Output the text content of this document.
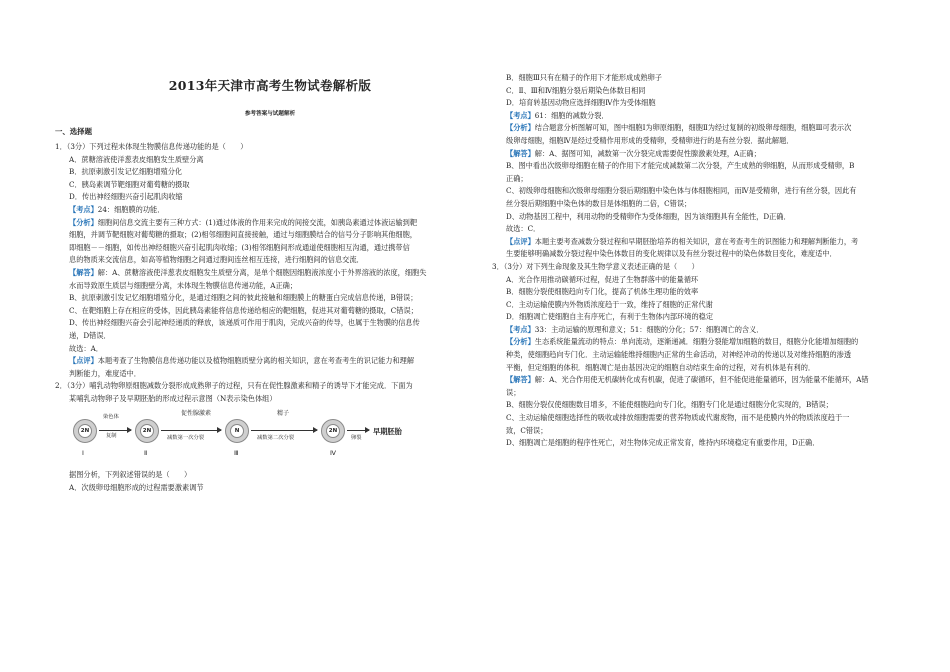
2013年天津市高考生物试卷解析版
参考答案与试题解析
一、选择题

1．（3分）下列过程未体现生物膜信息传递功能的是（　　）

A．蔗糖溶液使洋葱表皮细胞发生质壁分离

B．抗原刺激引发记忆细胞增殖分化

C．胰岛素调节靶细胞对葡萄糖的摄取

D．传出神经细胞兴奋引起肌肉收缩

【考点】24：细胞膜的功能．

【分析】细胞间信息交流主要有三种方式：(1)通过体液的作用来完成的间接交流，如胰岛素通过体液运输到靶

细胞，并调节靶细胞对葡萄糖的摄取；(2)相邻细胞间直接接触，通过与细胞膜结合的信号分子影响其他细胞，

即细胞－－细胞，如传出神经细胞兴奋引起肌肉收缩；(3)相邻细胞间形成通道使细胞相互沟通，通过携带信

息的物质来交流信息，如高等植物细胞之间通过胞间连丝相互连接，进行细胞间的信息交流．

【解答】解：A、蔗糖溶液使洋葱表皮细胞发生质壁分离，是单个细胞因细胞液浓度小于外界溶液的浓度，细胞失

水而导致原生质层与细胞壁分离，未体现生物膜信息传递功能，A正确；

B、抗原刺激引发记忆细胞增殖分化，是通过细胞之间的彼此接触和细胞膜上的糖蛋白完成信息传递，B错误；

C、在靶细胞上存在相应的受体，因此胰岛素能将信息传递给相应的靶细胞，促进其对葡萄糖的摄取，C错误；

D、传出神经细胞兴奋会引起神经递质的释放，该递质可作用于肌肉，完成兴奋的传导，也属于生物膜的信息传

递，D错误．

故选：A．

【点评】本题考查了生物膜信息传递功能以及植物细胞质壁分离的相关知识，意在考查考生的识记能力和理解

判断能力，难度适中．

2．（3分）哺乳动物卵原细胞减数分裂形成成熟卵子的过程，只有在促性腺激素和精子的诱导下才能完成．下面为

某哺乳动物卵子及早期胚胎的形成过程示意图（N表示染色体组）

2N
Ⅰ
染色体
复制
2N
Ⅱ
促性腺激素
减数第一次分裂
N
Ⅲ
精子
减数第二次分裂
2N
Ⅳ
卵裂
早期胚胎

据图分析，下列叙述错误的是（　　）

A．次级卵母细胞形成的过程需要激素调节

B．细胞Ⅲ只有在精子的作用下才能形成成熟卵子

C．Ⅱ、Ⅲ和Ⅳ细胞分裂后期染色体数目相同

D．培育转基因动物应选择细胞Ⅳ作为受体细胞

【考点】61：细胞的减数分裂．

【分析】结合题意分析图解可知，图中细胞Ⅰ为卵原细胞，细胞Ⅱ为经过复制的初级卵母细胞，细胞Ⅲ可表示次

级卵母细胞，细胞Ⅳ是经过受精作用形成的受精卵，受精卵进行的是有丝分裂．据此解题．

【解答】解：A、据图可知，减数第一次分裂完成需要促性腺激素处理，A正确；

B、图中看出次级卵母细胞在精子的作用下才能完成减数第二次分裂，产生成熟的卵细胞，从而形成受精卵，B

正确；

C、初级卵母细胞和次级卵母细胞分裂后期细胞中染色体与体细胞相同，而Ⅳ是受精卵，进行有丝分裂，因此有

丝分裂后期细胞中染色体的数目是体细胞的二倍，C错误；

D、动物基因工程中，利用动物的受精卵作为受体细胞，因为该细胞具有全能性，D正确．

故选：C．

【点评】本题主要考查减数分裂过程和早期胚胎培养的相关知识，意在考查考生的识图能力和理解判断能力，考

生要能够明确减数分裂过程中染色体数目的变化规律以及有丝分裂过程中的染色体数目变化，难度适中．

3．（3分）对下列生命现象及其生物学意义表述正确的是（　　）

A．光合作用推动碳循环过程，促进了生物群落中的能量循环

B．细胞分裂使细胞趋向专门化，提高了机体生理功能的效率

C．主动运输使膜内外物质浓度趋于一致，维持了细胞的正常代谢

D．细胞凋亡使细胞自主有序死亡，有利于生物体内部环境的稳定

【考点】33：主动运输的原理和意义；51：细胞的分化；57：细胞凋亡的含义．

【分析】生态系统能量流动的特点：单向流动，逐渐递减．细胞分裂能增加细胞的数目，细胞分化能增加细胞的

种类，使细胞趋向专门化．主动运输能维持细胞内正常的生命活动，对神经冲动的传递以及对维持细胞的渗透

平衡，但定细胞的体积．细胞凋亡是由基因决定的细胞自动结束生命的过程，对有机体是有利的．

【解答】解：A、光合作用使无机碳转化成有机碳，促进了碳循环，但不能促进能量循环，因为能量不能循环，A错

误；

B、细胞分裂仅使细胞数目增多，不能使细胞趋向专门化，细胞专门化是通过细胞分化实现的，B错误；

C、主动运输使细胞选择性的吸收或排放细胞需要的营养物质或代谢废物，而不是使膜内外的物质浓度趋于一

致，C错误；

D、细胞凋亡是细胞的程序性死亡，对生物体完成正常发育，维持内环境稳定有重要作用，D正确．
